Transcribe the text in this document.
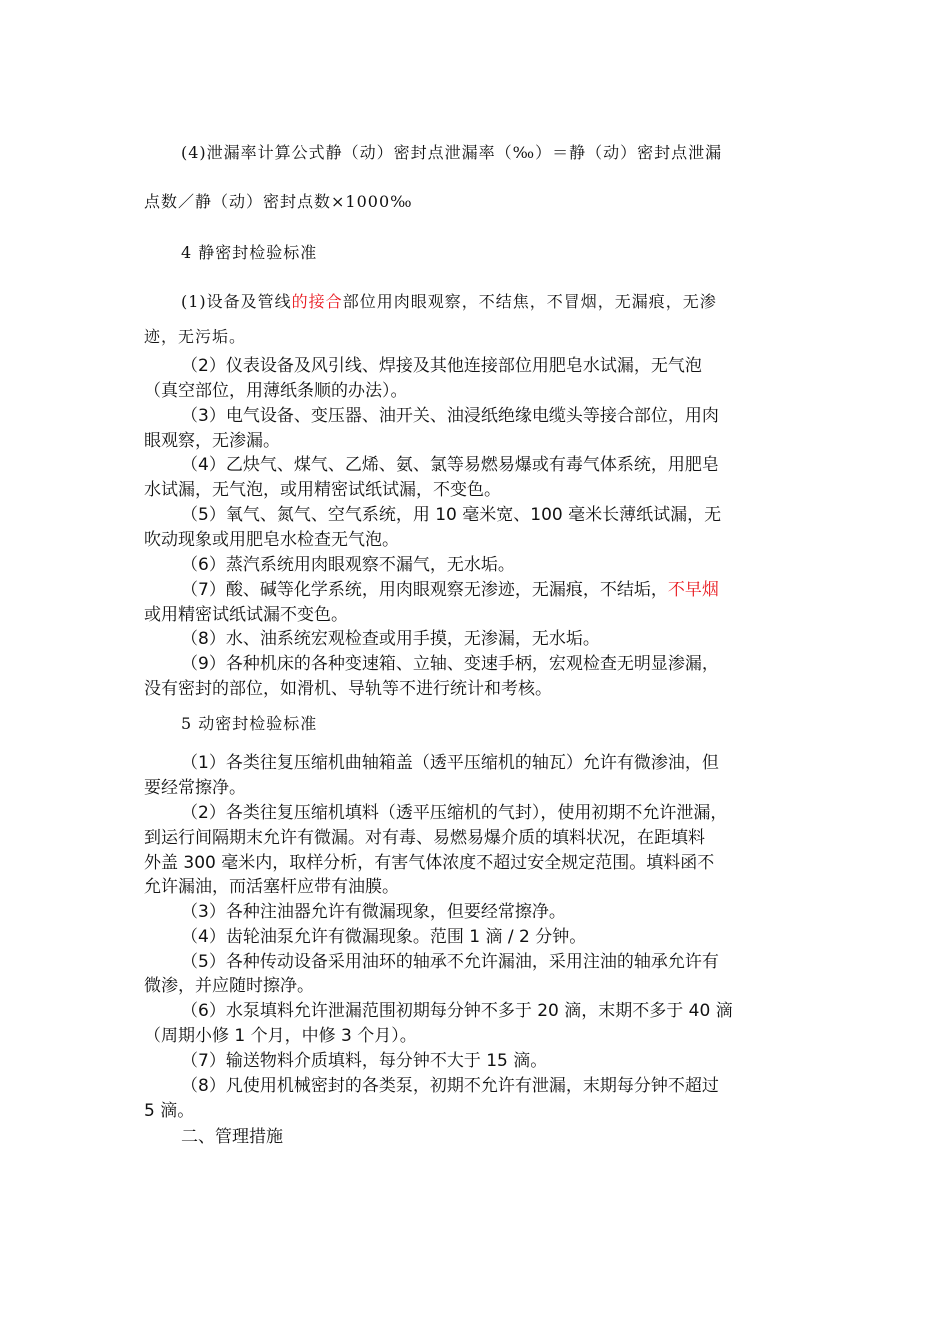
(4)泄漏率计算公式静（动）密封点泄漏率（‰）＝静（动）密封点泄漏
点数／静（动）密封点数×1000‰
4 静密封检验标准
(1)设备及管线的接合部位用肉眼观察，不结焦，不冒烟，无漏痕，无渗
迹，无污垢。
（2）仪表设备及风引线、焊接及其他连接部位用肥皂水试漏，无气泡
（真空部位，用薄纸条顺的办法）。
（3）电气设备、变压器、油开关、油浸纸绝缘电缆头等接合部位，用肉
眼观察，无渗漏。
（4）乙炔气、煤气、乙烯、氨、氯等易燃易爆或有毒气体系统，用肥皂
水试漏，无气泡，或用精密试纸试漏，不变色。
（5）氧气、氮气、空气系统，用 10 毫米宽、100 毫米长薄纸试漏，无
吹动现象或用肥皂水检查无气泡。
（6）蒸汽系统用肉眼观察不漏气，无水垢。
（7）酸、碱等化学系统，用肉眼观察无渗迹，无漏痕，不结垢，不早烟
或用精密试纸试漏不变色。
（8）水、油系统宏观检查或用手摸，无渗漏，无水垢。
（9）各种机床的各种变速箱、立轴、变速手柄，宏观检查无明显渗漏，
没有密封的部位，如滑机、导轨等不进行统计和考核。
5 动密封检验标准
（1）各类往复压缩机曲轴箱盖（透平压缩机的轴瓦）允许有微渗油，但
要经常擦净。
（2）各类往复压缩机填料（透平压缩机的气封），使用初期不允许泄漏，
到运行间隔期末允许有微漏。对有毒、易燃易爆介质的填料状况，在距填料
外盖 300 毫米内，取样分析，有害气体浓度不超过安全规定范围。填料函不
允许漏油，而活塞杆应带有油膜。
（3）各种注油器允许有微漏现象，但要经常擦净。
（4）齿轮油泵允许有微漏现象。范围 1 滴 / 2 分钟。
（5）各种传动设备采用油环的轴承不允许漏油，采用注油的轴承允许有
微渗，并应随时擦净。
（6）水泵填料允许泄漏范围初期每分钟不多于 20 滴，末期不多于 40 滴
（周期小修 1 个月，中修 3 个月）。
（7）输送物料介质填料，每分钟不大于 15 滴。
（8）凡使用机械密封的各类泵，初期不允许有泄漏，末期每分钟不超过
5 滴。
二、管理措施
